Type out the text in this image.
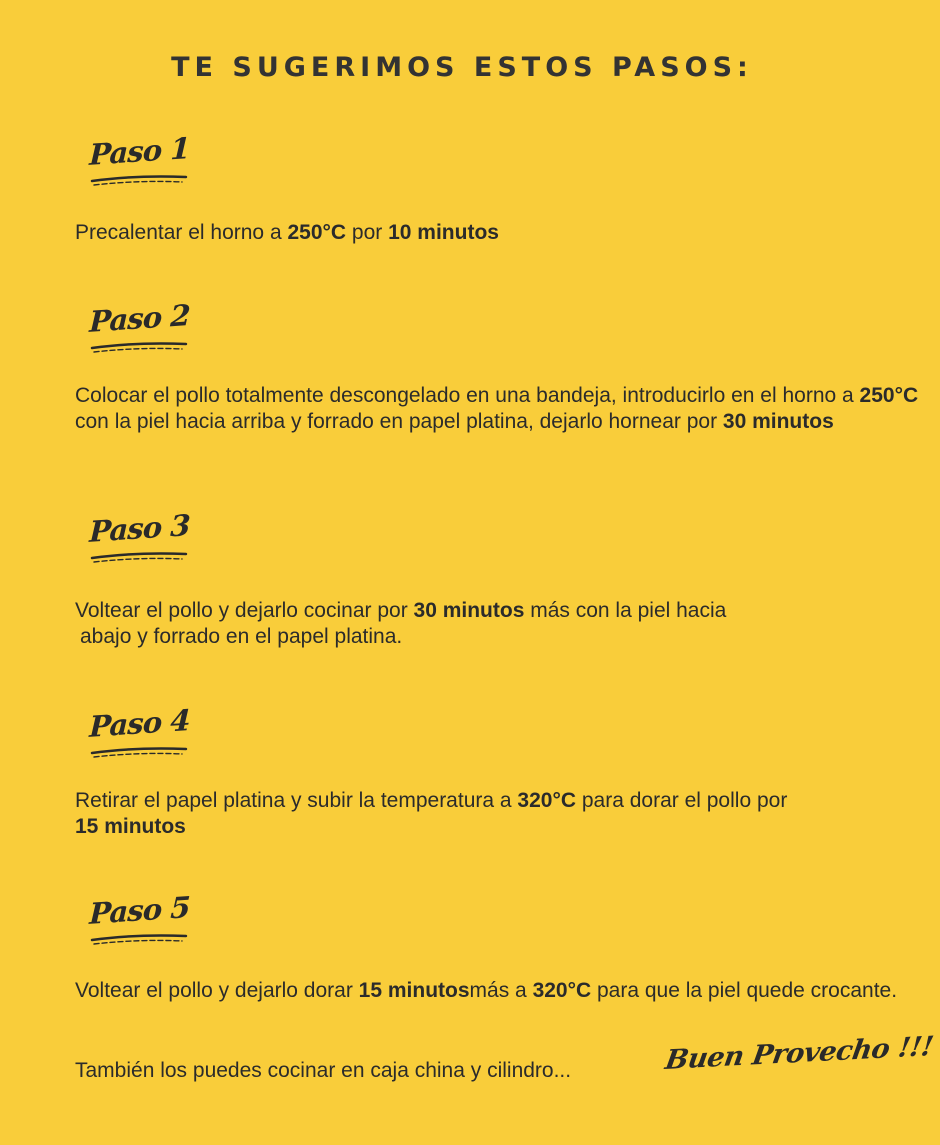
TE SUGERIMOS ESTOS PASOS:
Paso 1
Precalentar el horno a 250°C por 10 minutos
Paso 2
Colocar el pollo totalmente descongelado en una bandeja, introducirlo en el horno a 250°C con la piel hacia arriba y forrado en papel platina, dejarlo hornear por 30 minutos
Paso 3
Voltear el pollo y dejarlo cocinar por 30 minutos más con la piel hacia
abajo y forrado en el papel platina.
Paso 4
Retirar el papel platina y subir la temperatura a 320°C para dorar el pollo por
15 minutos
Paso 5
Voltear el pollo y dejarlo dorar 15 minutosmás a 320°C para que la piel quede crocante.
También los puedes cocinar en caja china y cilindro...	Buen Provecho !!!
